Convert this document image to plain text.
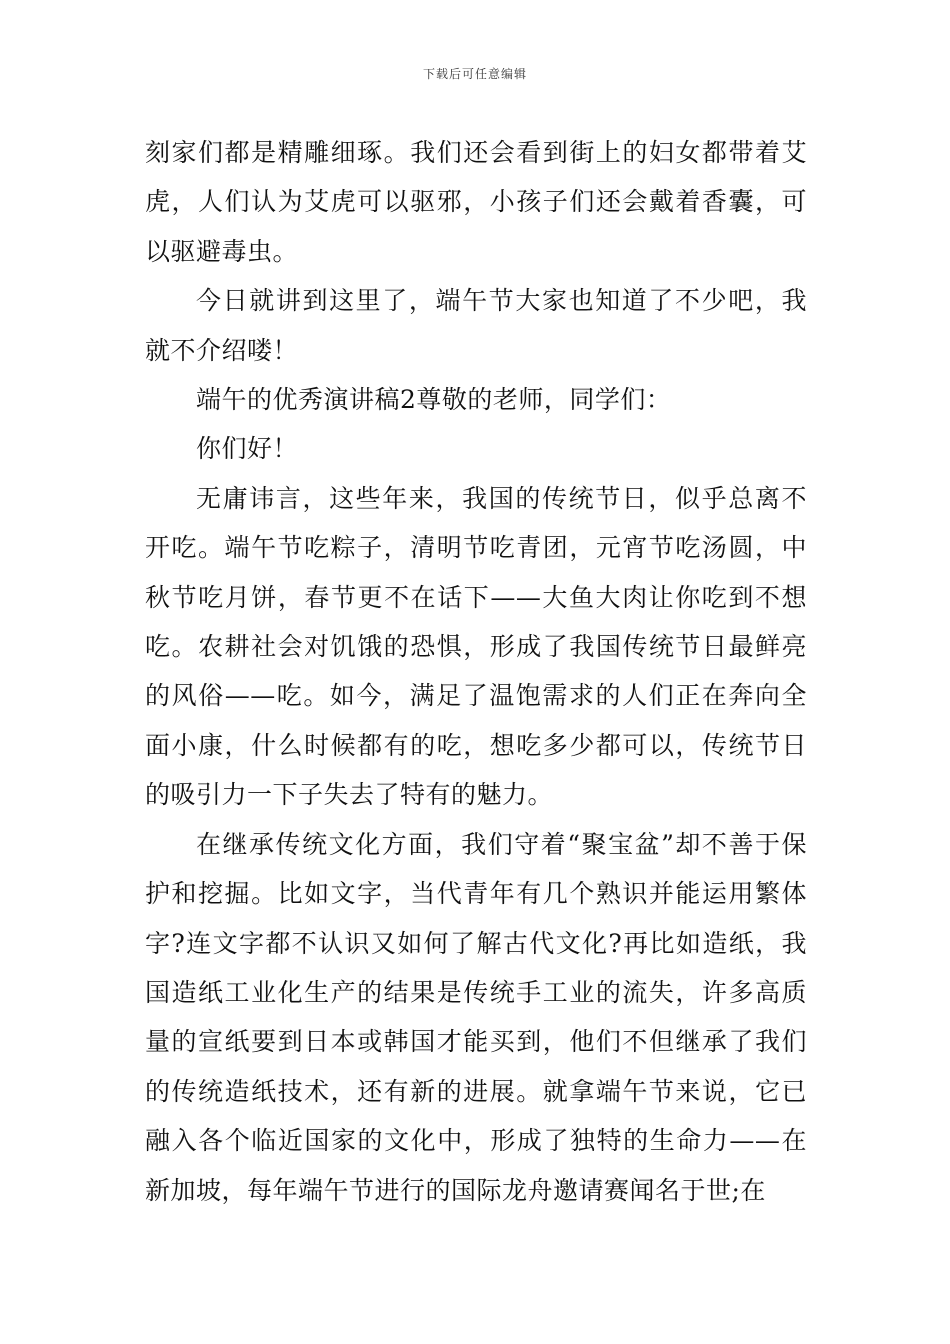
下载后可任意编辑

刻家们都是精雕细琢。我们还会看到街上的妇女都带着艾虎，人们认为艾虎可以驱邪，小孩子们还会戴着香囊，可以驱避毒虫。

今日就讲到这里了，端午节大家也知道了不少吧，我就不介绍喽！

端午的优秀演讲稿2尊敬的老师，同学们：

你们好！

无庸讳言，这些年来，我国的传统节日，似乎总离不开吃。端午节吃粽子，清明节吃青团，元宵节吃汤圆，中秋节吃月饼，春节更不在话下——大鱼大肉让你吃到不想吃。农耕社会对饥饿的恐惧，形成了我国传统节日最鲜亮的风俗——吃。如今，满足了温饱需求的人们正在奔向全面小康，什么时候都有的吃，想吃多少都可以，传统节日的吸引力一下子失去了特有的魅力。

在继承传统文化方面，我们守着“聚宝盆”却不善于保护和挖掘。比如文字，当代青年有几个熟识并能运用繁体字?连文字都不认识又如何了解古代文化?再比如造纸，我国造纸工业化生产的结果是传统手工业的流失，许多高质量的宣纸要到日本或韩国才能买到，他们不但继承了我们的传统造纸技术，还有新的进展。就拿端午节来说，它已融入各个临近国家的文化中，形成了独特的生命力——在新加坡，每年端午节进行的国际龙舟邀请赛闻名于世;在
